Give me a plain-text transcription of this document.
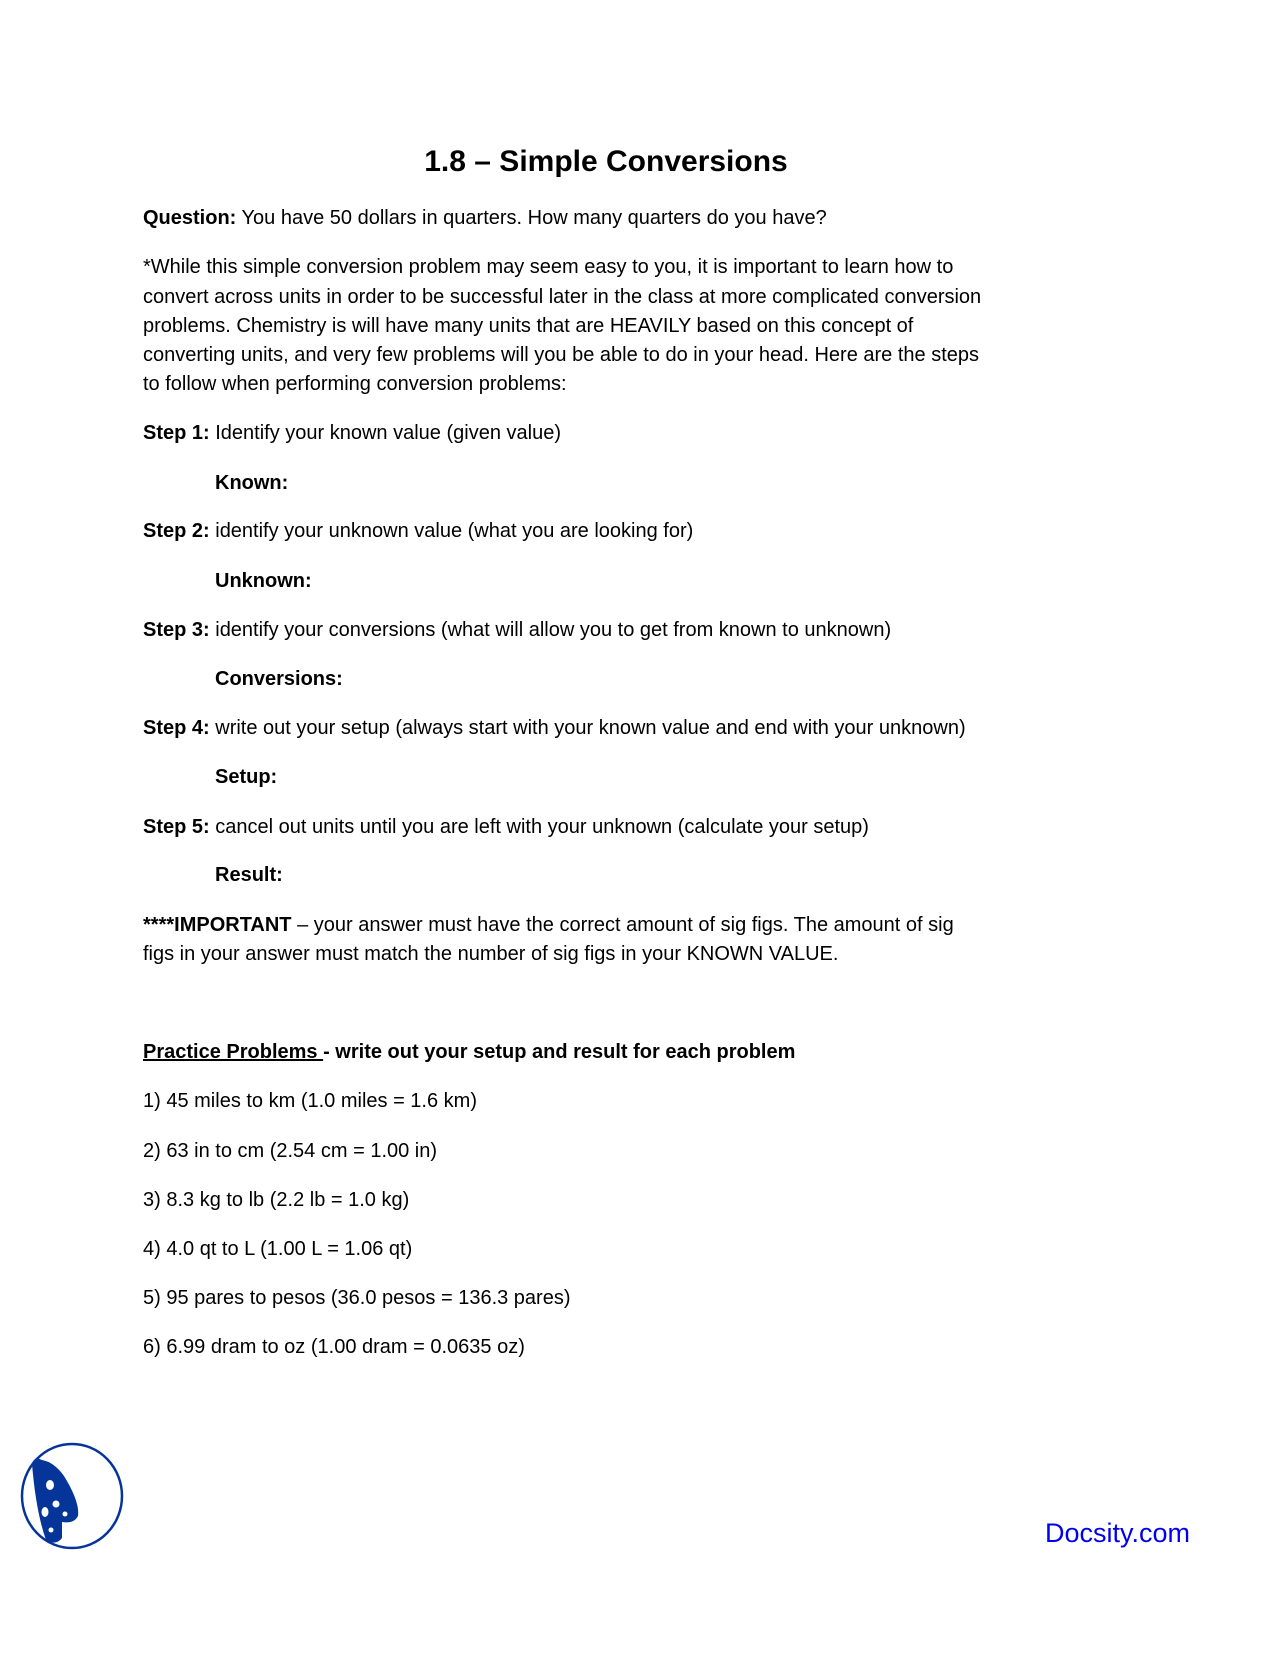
1.8 – Simple Conversions
Question: You have 50 dollars in quarters. How many quarters do you have?
*While this simple conversion problem may seem easy to you, it is important to learn how to
convert across units in order to be successful later in the class at more complicated conversion
problems. Chemistry is will have many units that are HEAVILY based on this concept of
converting units, and very few problems will you be able to do in your head. Here are the steps
to follow when performing conversion problems:
Step 1: Identify your known value (given value)
Known:
Step 2: identify your unknown value (what you are looking for)
Unknown:
Step 3: identify your conversions (what will allow you to get from known to unknown)
Conversions:
Step 4: write out your setup (always start with your known value and end with your unknown)
Setup:
Step 5: cancel out units until you are left with your unknown (calculate your setup)
Result:
****IMPORTANT – your answer must have the correct amount of sig figs. The amount of sig
figs in your answer must match the number of sig figs in your KNOWN VALUE.
Practice Problems - write out your setup and result for each problem
1) 45 miles to km (1.0 miles = 1.6 km)
2) 63 in to cm (2.54 cm = 1.00 in)
3) 8.3 kg to lb (2.2 lb = 1.0 kg)
4) 4.0 qt to L (1.00 L = 1.06 qt)
5) 95 pares to pesos (36.0 pesos = 136.3 pares)
6) 6.99 dram to oz (1.00 dram = 0.0635 oz)
Docsity.com
